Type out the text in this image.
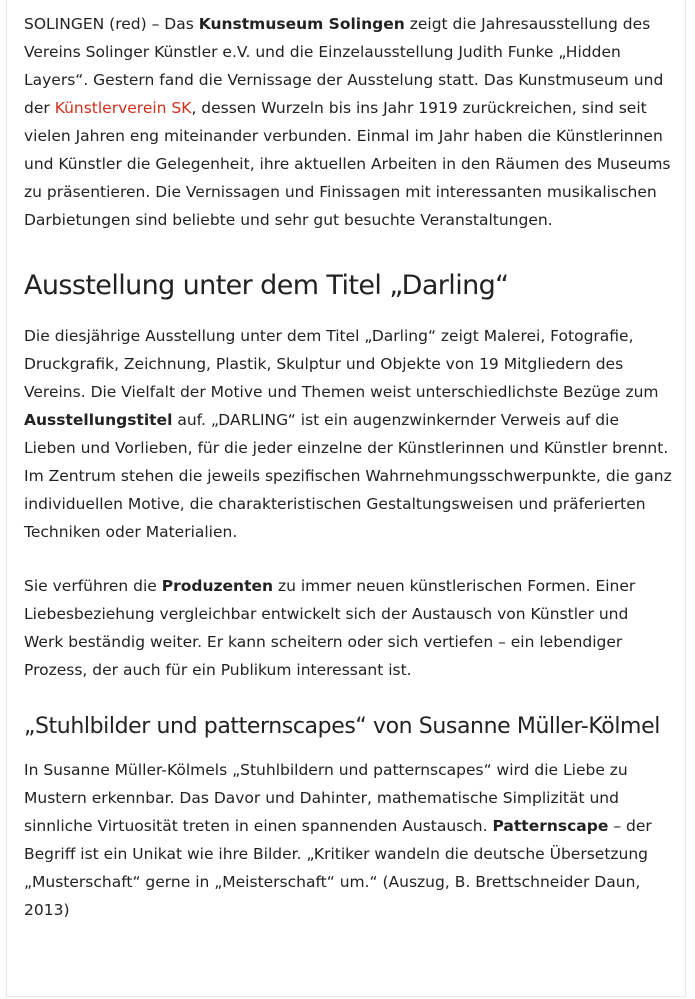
SOLINGEN (red) – Das Kunstmuseum Solingen zeigt die Jahresausstellung des Vereins Solinger Künstler e.V. und die Einzelausstellung Judith Funke „Hidden Layers“. Gestern fand die Vernissage der Ausstelung statt. Das Kunstmuseum und der Künstlerverein SK, dessen Wurzeln bis ins Jahr 1919 zurückreichen, sind seit vielen Jahren eng miteinander verbunden. Einmal im Jahr haben die Künstlerinnen und Künstler die Gelegenheit, ihre aktuellen Arbeiten in den Räumen des Museums zu präsentieren. Die Vernissagen und Finissagen mit interessanten musikalischen Darbietungen sind beliebte und sehr gut besuchte Veranstaltungen.

Ausstellung unter dem Titel „Darling“

Die diesjährige Ausstellung unter dem Titel „Darling“ zeigt Malerei, Fotografie, Druckgrafik, Zeichnung, Plastik, Skulptur und Objekte von 19 Mitgliedern des Vereins. Die Vielfalt der Motive und Themen weist unterschiedlichste Bezüge zum Ausstellungstitel auf. „DARLING“ ist ein augenzwinkernder Verweis auf die Lieben und Vorlieben, für die jeder einzelne der Künstlerinnen und Künstler brennt. Im Zentrum stehen die jeweils spezifischen Wahrnehmungsschwerpunkte, die ganz individuellen Motive, die charakteristischen Gestaltungsweisen und präferierten Techniken oder Materialien.

Sie verführen die Produzenten zu immer neuen künstlerischen Formen. Einer Liebesbeziehung vergleichbar entwickelt sich der Austausch von Künstler und Werk beständig weiter. Er kann scheitern oder sich vertiefen – ein lebendiger Prozess, der auch für ein Publikum interessant ist.

„Stuhlbilder und patternscapes“ von Susanne Müller-Kölmel

In Susanne Müller-Kölmels „Stuhlbildern und patternscapes“ wird die Liebe zu Mustern erkennbar. Das Davor und Dahinter, mathematische Simplizität und sinnliche Virtuosität treten in einen spannenden Austausch. Patternscape – der Begriff ist ein Unikat wie ihre Bilder. „Kritiker wandeln die deutsche Übersetzung „Musterschaft“ gerne in „Meisterschaft“ um.“ (Auszug, B. Brettschneider Daun, 2013)
